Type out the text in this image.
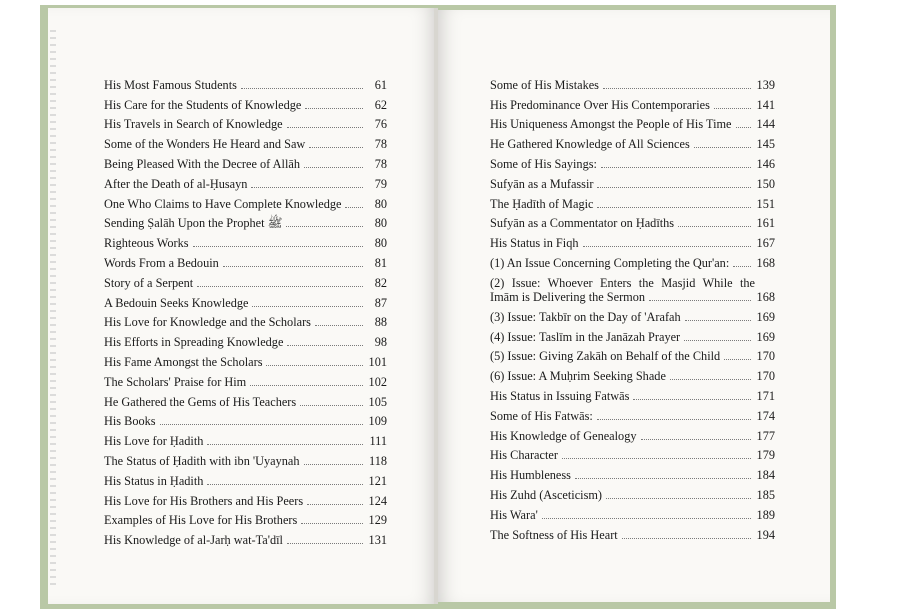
His Most Famous Students	61
His Care for the Students of Knowledge	62
His Travels in Search of Knowledge	76
Some of the Wonders He Heard and Saw	78
Being Pleased With the Decree of Allāh	78
After the Death of al-Ḥusayn	79
One Who Claims to Have Complete Knowledge	80
Sending Ṣalāh Upon the Prophet ﷺ	80
Righteous Works	80
Words From a Bedouin	81
Story of a Serpent	82
A Bedouin Seeks Knowledge	87
His Love for Knowledge and the Scholars	88
His Efforts in Spreading Knowledge	98
His Fame Amongst the Scholars	101
The Scholars' Praise for Him	102
He Gathered the Gems of His Teachers	105
His Books	109
His Love for Ḥadith	111
The Status of Ḥadith with ibn 'Uyaynah	118
His Status in Ḥadith	121
His Love for His Brothers and His Peers	124
Examples of His Love for His Brothers	129
His Knowledge of al-Jarḥ wat-Ta'dīl	131
Some of His Mistakes	139
His Predominance Over His Contemporaries	141
His Uniqueness Amongst the People of His Time 144
He Gathered Knowledge of All Sciences	145
Some of His Sayings:	146
Sufyān as a Mufassir	150
The Ḥadīth of Magic	151
Sufyān as a Commentator on Ḥadīths	161
His Status in Fiqh	167
(1) An Issue Concerning Completing the Qur'an: 168
(2) Issue: Whoever Enters the Masjid While the
Imām is Delivering the Sermon	168
(3) Issue: Takbīr on the Day of 'Arafah	169
(4) Issue: Taslīm in the Janāzah Prayer	169
(5) Issue: Giving Zakāh on Behalf of the Child	170
(6) Issue: A Muḥrim Seeking Shade	170
His Status in Issuing Fatwās	171
Some of His Fatwās:	174
His Knowledge of Genealogy	177
His Character	179
His Humbleness	184
His Zuhd (Asceticism)	185
His Wara'	189
The Softness of His Heart	194
